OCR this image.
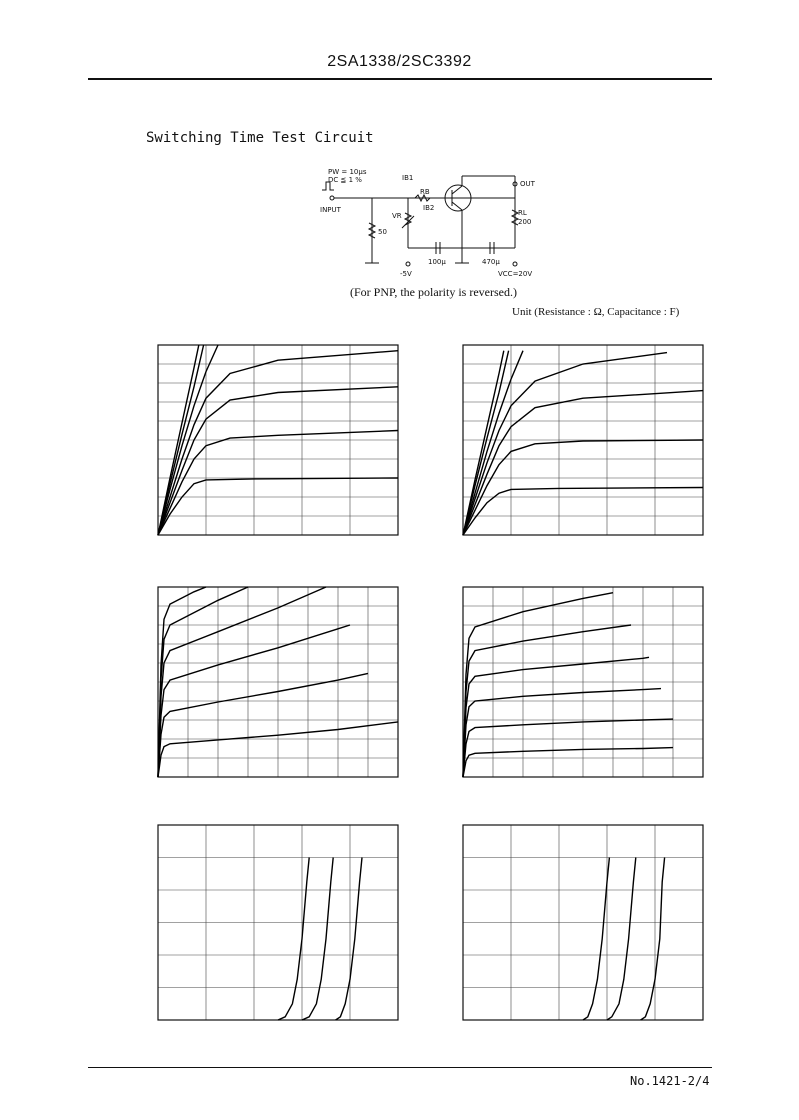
2SA1338/2SC3392
Switching Time Test Circuit
PW = 10µs
DC ≦ 1 %	IB1
RB
IB2
VR
INPUT
OUT
RL
200
50
100µ	470µ
-5V	VCC=20V
(For PNP, the polarity is reversed.)
Unit (Resistance : Ω, Capacitance : F)
No.1421-2/4
